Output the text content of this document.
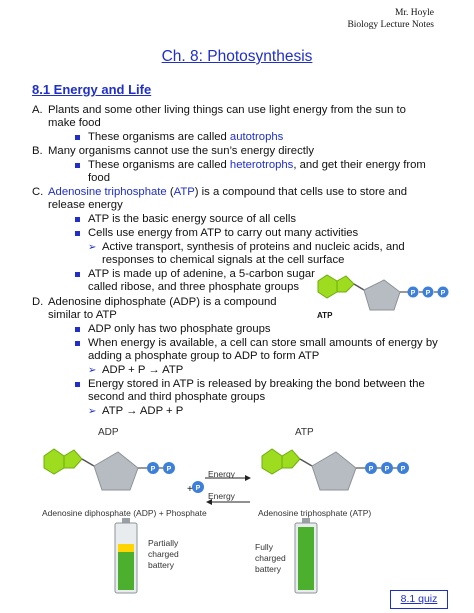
Mr. Hoyle
Biology Lecture Notes
Ch. 8: Photosynthesis
8.1 Energy and Life
A. Plants and some other living things can use light energy from the sun to
make food
These organisms are called autotrophs
B. Many organisms cannot use the sun’s energy directly
These organisms are called heterotrophs, and get their energy from
food
C. Adenosine triphosphate (ATP) is a compound that cells use to store and
release energy
ATP is the basic energy source of all cells
Cells use energy from ATP to carry out many activities
➢ Active transport, synthesis of proteins and nucleic acids, and
responses to chemical signals at the cell surface
ATP is made up of adenine, a 5-carbon sugar
called ribose, and three phosphate groups
P P P
ATP
D. Adenosine diphosphate (ADP) is a compound
similar to ATP
ADP only has two phosphate groups
When energy is available, a cell can store small amounts of energy by
adding a phosphate group to ADP to form ATP
➢ ADP + P → ATP
Energy stored in ATP is released by breaking the bond between the
second and third phosphate groups
➢ ATP → ADP + P
ADP	ATP
P P
P
P P P
+
Energy
Energy
Adenosine diphosphate (ADP) + Phosphate	Adenosine triphosphate (ATP)
Partially
charged
battery
Fully
charged
battery
8.1 quiz
